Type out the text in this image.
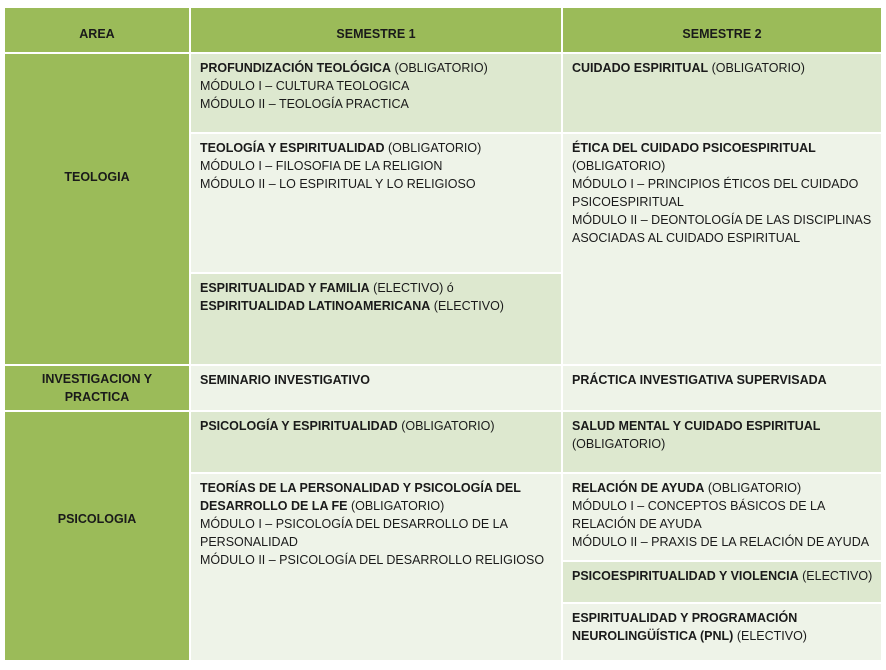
AREA	SEMESTRE 1	SEMESTRE 2
TEOLOGIA
INVESTIGACION Y PRACTICA
PSICOLOGIA
PROFUNDIZACIÓN TEOLÓGICA (OBLIGATORIO)
MÓDULO I – CULTURA TEOLOGICA
MÓDULO II – TEOLOGÍA PRACTICA
TEOLOGÍA Y ESPIRITUALIDAD (OBLIGATORIO)
MÓDULO I – FILOSOFIA DE LA RELIGION
MÓDULO II – LO ESPIRITUAL Y LO RELIGIOSO
ESPIRITUALIDAD Y FAMILIA (ELECTIVO) ó
ESPIRITUALIDAD LATINOAMERICANA (ELECTIVO)
SEMINARIO INVESTIGATIVO
PSICOLOGÍA Y ESPIRITUALIDAD (OBLIGATORIO)
TEORÍAS DE LA PERSONALIDAD Y PSICOLOGÍA DEL
DESARROLLO DE LA FE (OBLIGATORIO)
MÓDULO I – PSICOLOGÍA DEL DESARROLLO DE LA PERSONALIDAD
MÓDULO II – PSICOLOGÍA DEL DESARROLLO RELIGIOSO
CUIDADO ESPIRITUAL (OBLIGATORIO)
ÉTICA DEL CUIDADO PSICOESPIRITUAL
(OBLIGATORIO)
MÓDULO I – PRINCIPIOS ÉTICOS DEL CUIDADO PSICOESPIRITUAL
MÓDULO II – DEONTOLOGÍA DE LAS DISCIPLINAS ASOCIADAS AL CUIDADO ESPIRITUAL
PRÁCTICA INVESTIGATIVA SUPERVISADA
SALUD MENTAL Y CUIDADO ESPIRITUAL
(OBLIGATORIO)
RELACIÓN DE AYUDA (OBLIGATORIO)
MÓDULO I – CONCEPTOS BÁSICOS DE LA RELACIÓN DE AYUDA
MÓDULO II – PRAXIS DE LA RELACIÓN DE AYUDA
PSICOESPIRITUALIDAD Y VIOLENCIA (ELECTIVO)
ESPIRITUALIDAD Y PROGRAMACIÓN
NEUROLINGÜÍSTICA (PNL) (ELECTIVO)
